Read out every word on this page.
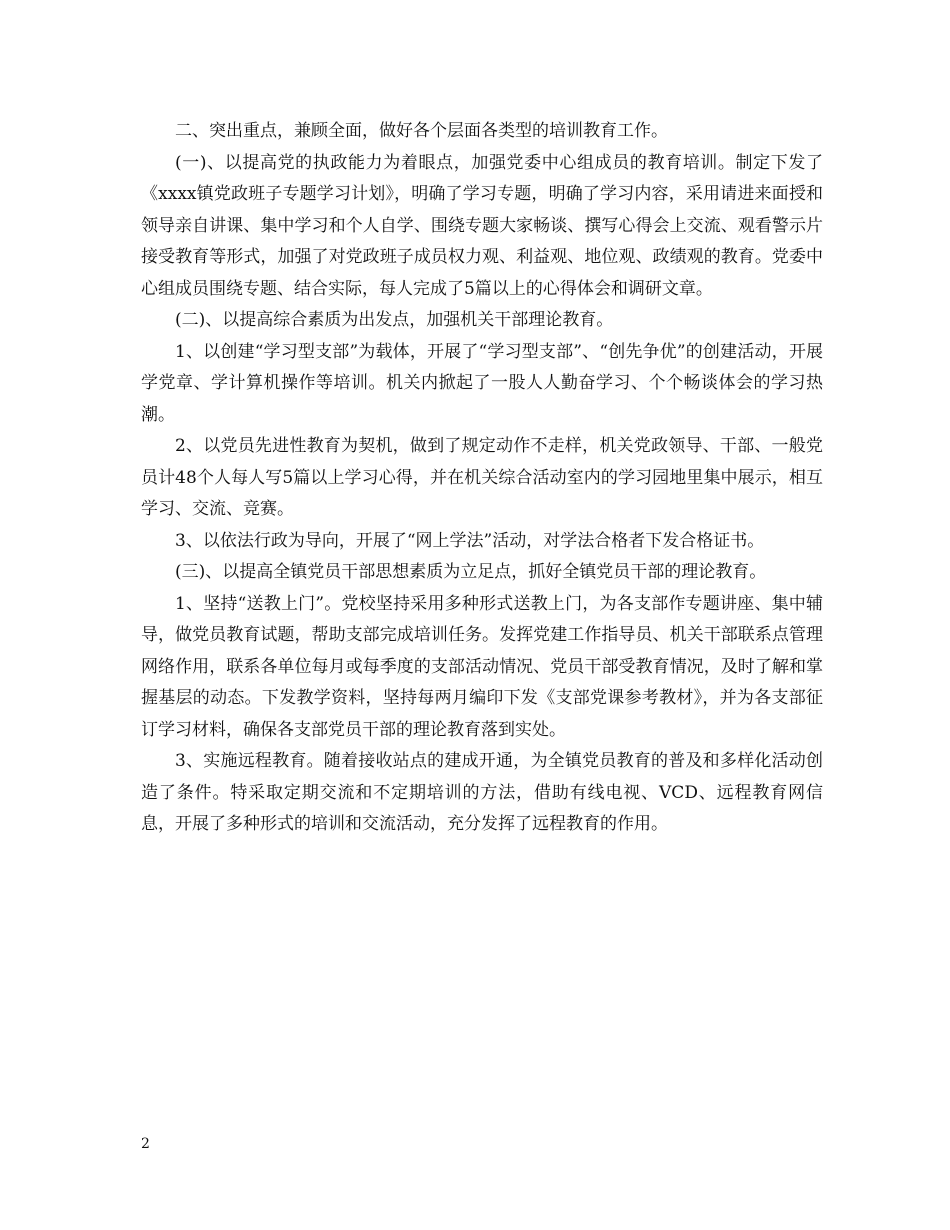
二、突出重点，兼顾全面，做好各个层面各类型的培训教育工作。

(一)、以提高党的执政能力为着眼点，加强党委中心组成员的教育培训。制定下发了《xxxx镇党政班子专题学习计划》，明确了学习专题，明确了学习内容，采用请进来面授和领导亲自讲课、集中学习和个人自学、围绕专题大家畅谈、撰写心得会上交流、观看警示片接受教育等形式，加强了对党政班子成员权力观、利益观、地位观、政绩观的教育。党委中心组成员围绕专题、结合实际，每人完成了5篇以上的心得体会和调研文章。

(二)、以提高综合素质为出发点，加强机关干部理论教育。

1、以创建“学习型支部”为载体，开展了“学习型支部”、“创先争优”的创建活动，开展学党章、学计算机操作等培训。机关内掀起了一股人人勤奋学习、个个畅谈体会的学习热潮。

2、以党员先进性教育为契机，做到了规定动作不走样，机关党政领导、干部、一般党员计48个人每人写5篇以上学习心得，并在机关综合活动室内的学习园地里集中展示，相互学习、交流、竞赛。

3、以依法行政为导向，开展了“网上学法”活动，对学法合格者下发合格证书。

(三)、以提高全镇党员干部思想素质为立足点，抓好全镇党员干部的理论教育。

1、坚持“送教上门”。党校坚持采用多种形式送教上门，为各支部作专题讲座、集中辅导，做党员教育试题，帮助支部完成培训任务。发挥党建工作指导员、机关干部联系点管理网络作用，联系各单位每月或每季度的支部活动情况、党员干部受教育情况，及时了解和掌握基层的动态。下发教学资料，坚持每两月编印下发《支部党课参考教材》，并为各支部征订学习材料，确保各支部党员干部的理论教育落到实处。

3、实施远程教育。随着接收站点的建成开通，为全镇党员教育的普及和多样化活动创造了条件。特采取定期交流和不定期培训的方法，借助有线电视、VCD、远程教育网信息，开展了多种形式的培训和交流活动，充分发挥了远程教育的作用。

2
